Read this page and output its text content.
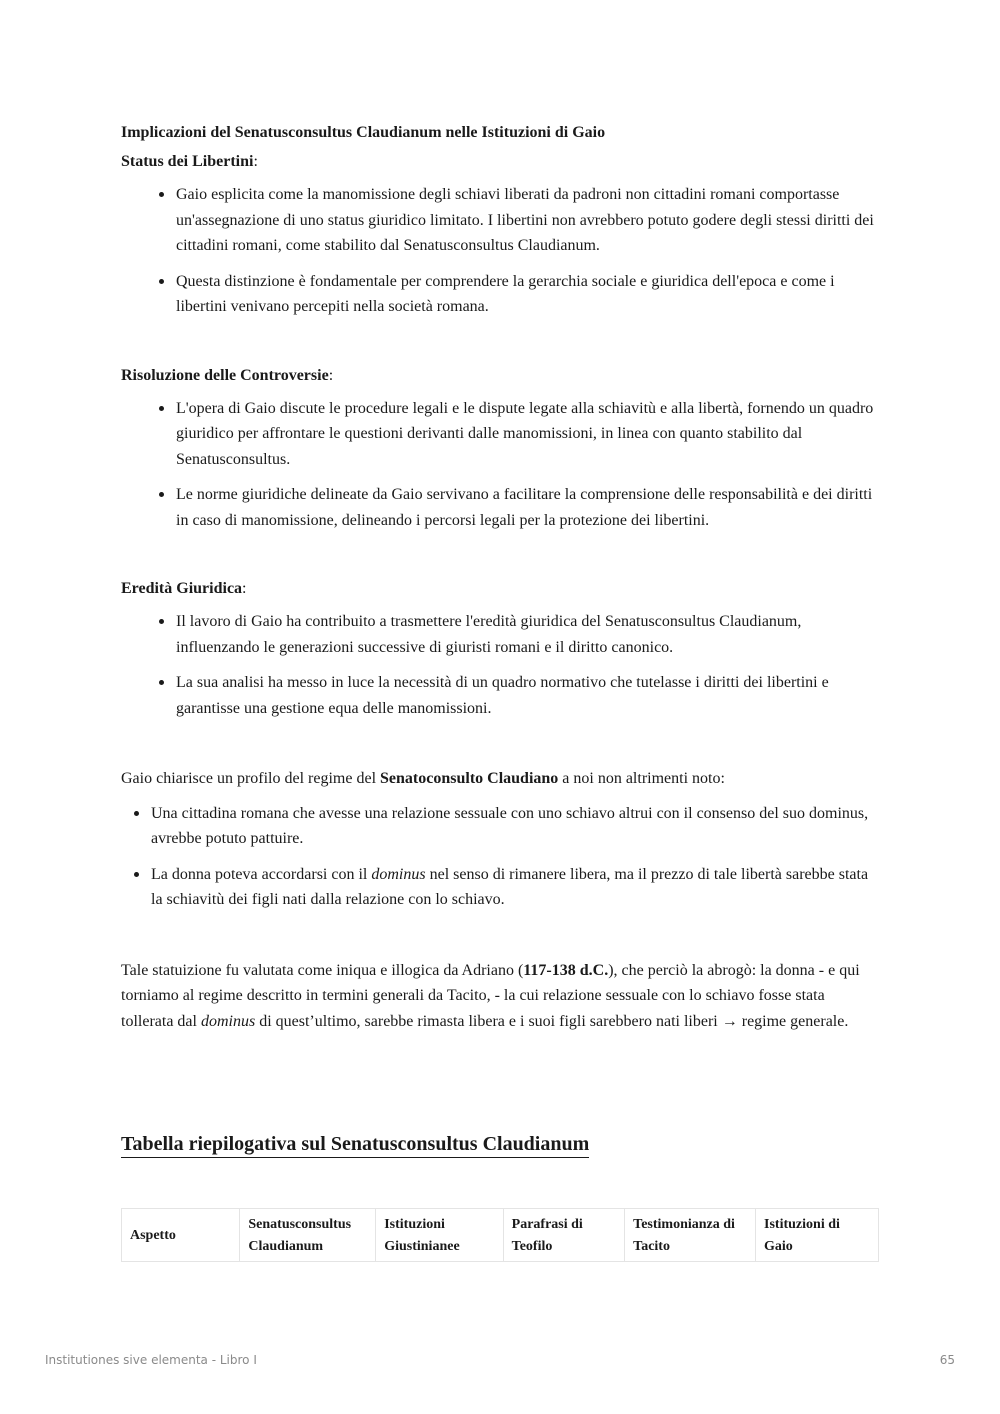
Implicazioni del Senatusconsultus Claudianum nelle Istituzioni di Gaio
Status dei Libertini:
Gaio esplicita come la manomissione degli schiavi liberati da padroni non cittadini romani comportasse un'assegnazione di uno status giuridico limitato. I libertini non avrebbero potuto godere degli stessi diritti dei cittadini romani, come stabilito dal Senatusconsultus Claudianum.
Questa distinzione è fondamentale per comprendere la gerarchia sociale e giuridica dell'epoca e come i libertini venivano percepiti nella società romana.
Risoluzione delle Controversie:
L'opera di Gaio discute le procedure legali e le dispute legate alla schiavitù e alla libertà, fornendo un quadro giuridico per affrontare le questioni derivanti dalle manomissioni, in linea con quanto stabilito dal Senatusconsultus.
Le norme giuridiche delineate da Gaio servivano a facilitare la comprensione delle responsabilità e dei diritti in caso di manomissione, delineando i percorsi legali per la protezione dei libertini.
Eredità Giuridica:
Il lavoro di Gaio ha contribuito a trasmettere l'eredità giuridica del Senatusconsultus Claudianum, influenzando le generazioni successive di giuristi romani e il diritto canonico.
La sua analisi ha messo in luce la necessità di un quadro normativo che tutelasse i diritti dei libertini e garantisse una gestione equa delle manomissioni.

Gaio chiarisce un profilo del regime del Senatoconsulto Claudiano a noi non altrimenti noto:

Una cittadina romana che avesse una relazione sessuale con uno schiavo altrui con il consenso del suo dominus, avrebbe potuto pattuire.
La donna poteva accordarsi con il dominus nel senso di rimanere libera, ma il prezzo di tale libertà sarebbe stata la schiavitù dei figli nati dalla relazione con lo schiavo.

Tale statuizione fu valutata come iniqua e illogica da Adriano (117-138 d.C.), che perciò la abrogò: la donna - e qui torniamo al regime descritto in termini generali da Tacito, - la cui relazione sessuale con lo schiavo fosse stata tollerata dal dominus di quest’ultimo, sarebbe rimasta libera e i suoi figli sarebbero nati liberi → regime generale.

Tabella riepilogativa sul Senatusconsultus Claudianum
Aspetto	Senatusconsultus Claudianum	Istituzioni Giustinianee	Parafrasi di Teofilo	Testimonianza di Tacito	Istituzioni di Gaio
Institutiones sive elementa - Libro I	65
